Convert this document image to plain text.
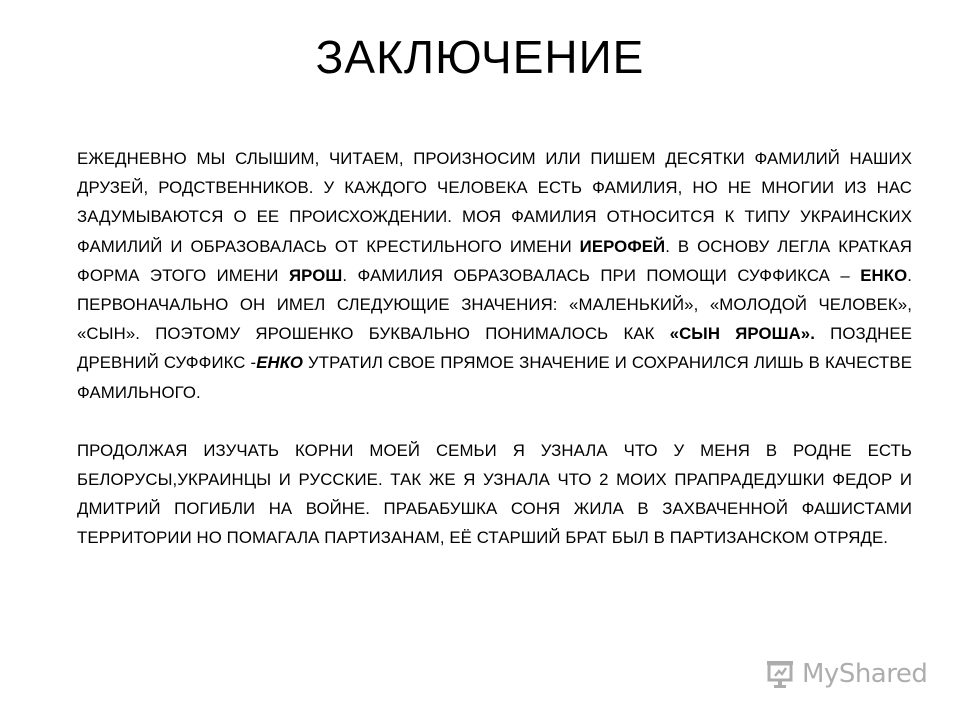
ЗАКЛЮЧЕНИЕ

ЕЖЕДНЕВНО МЫ СЛЫШИМ, ЧИТАЕМ, ПРОИЗНОСИМ ИЛИ ПИШЕМ ДЕСЯТКИ ФАМИЛИЙ НАШИХ ДРУЗЕЙ, РОДСТВЕННИКОВ. У КАЖДОГО ЧЕЛОВЕКА ЕСТЬ ФАМИЛИЯ, НО НЕ МНОГИИ ИЗ НАС ЗАДУМЫВАЮТСЯ О ЕЕ ПРОИСХОЖДЕНИИ. МОЯ ФАМИЛИЯ ОТНОСИТСЯ К ТИПУ УКРАИНСКИХ ФАМИЛИЙ И ОБРАЗОВАЛАСЬ ОТ КРЕСТИЛЬНОГО ИМЕНИ ИЕРОФЕЙ. В ОСНОВУ ЛЕГЛА КРАТКАЯ ФОРМА ЭТОГО ИМЕНИ ЯРОШ. ФАМИЛИЯ ОБРАЗОВАЛАСЬ ПРИ ПОМОЩИ СУФФИКСА – ЕНКО. ПЕРВОНАЧАЛЬНО ОН ИМЕЛ СЛЕДУЮЩИЕ ЗНАЧЕНИЯ: «МАЛЕНЬКИЙ», «МОЛОДОЙ ЧЕЛОВЕК», «СЫН». ПОЭТОМУ ЯРОШЕНКО БУКВАЛЬНО ПОНИМАЛОСЬ КАК «СЫН ЯРОША». ПОЗДНЕЕ ДРЕВНИЙ СУФФИКС -ЕНКО УТРАТИЛ СВОЕ ПРЯМОЕ ЗНАЧЕНИЕ И СОХРАНИЛСЯ ЛИШЬ В КАЧЕСТВЕ ФАМИЛЬНОГО.

ПРОДОЛЖАЯ ИЗУЧАТЬ КОРНИ МОЕЙ СЕМЬИ Я УЗНАЛА ЧТО У МЕНЯ В РОДНЕ ЕСТЬ БЕЛОРУСЫ,УКРАИНЦЫ И РУССКИЕ. ТАК ЖЕ Я УЗНАЛА ЧТО 2 МОИХ ПРАПРАДЕДУШКИ ФЕДОР И ДМИТРИЙ ПОГИБЛИ НА ВОЙНЕ. ПРАБАБУШКА СОНЯ ЖИЛА В ЗАХВАЧЕННОЙ ФАШИСТАМИ ТЕРРИТОРИИ НО ПОМАГАЛА ПАРТИЗАНАМ, ЕЁ СТАРШИЙ БРАТ БЫЛ В ПАРТИЗАНСКОМ ОТРЯДЕ.

MyShared
